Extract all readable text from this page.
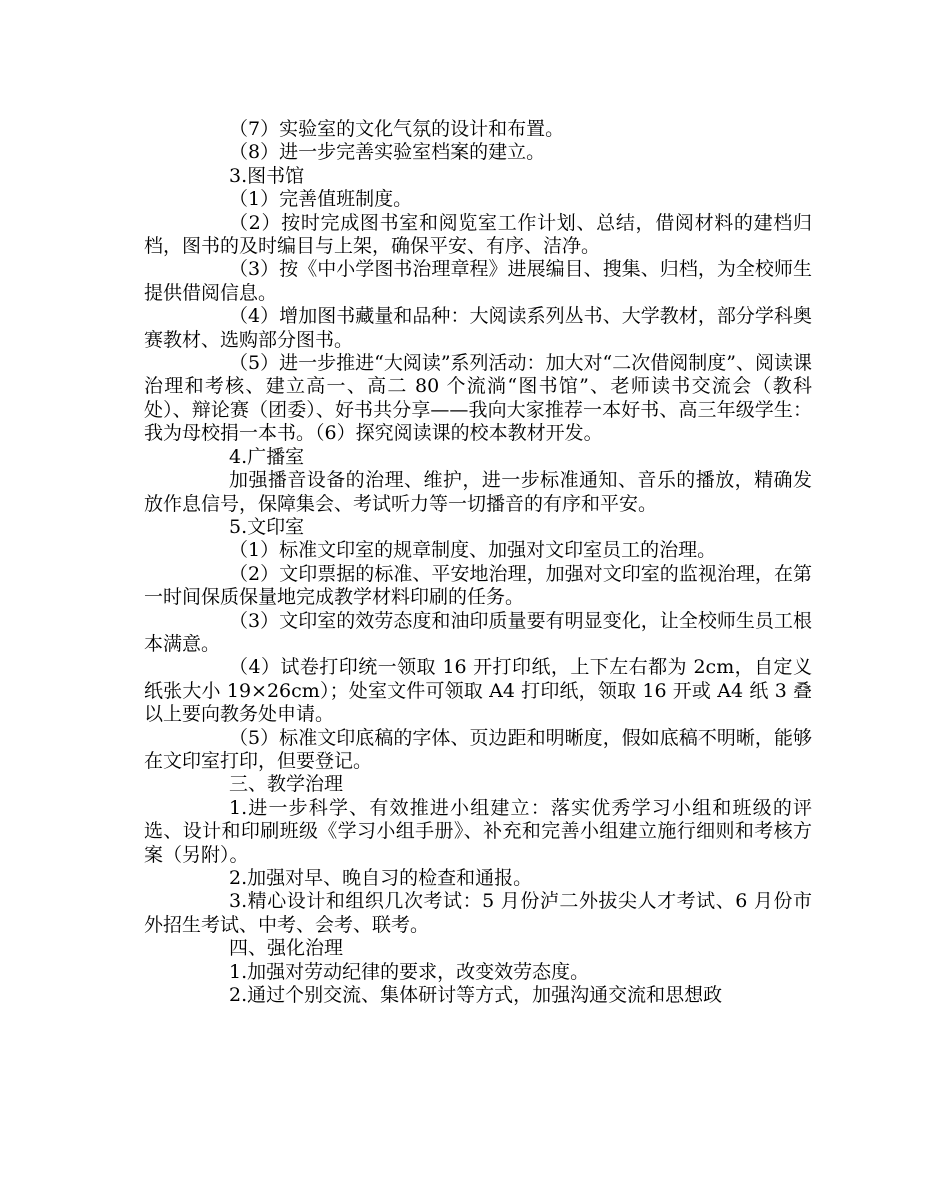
（7）实验室的文化气氛的设计和布置。

（8）进一步完善实验室档案的建立。

3.图书馆

（1）完善值班制度。

（2）按时完成图书室和阅览室工作计划、总结，借阅材料的建档归档，图书的及时编目与上架，确保平安、有序、洁净。

（3）按《中小学图书治理章程》进展编目、搜集、归档，为全校师生提供借阅信息。

（4）增加图书藏量和品种：大阅读系列丛书、大学教材，部分学科奥赛教材、选购部分图书。

（5）进一步推进“大阅读”系列活动：加大对“二次借阅制度”、阅读课治理和考核、建立高一、高二 80 个流淌“图书馆”、老师读书交流会（教科处）、辩论赛（团委）、好书共分享——我向大家推荐一本好书、高三年级学生：我为母校捐一本书。（6）探究阅读课的校本教材开发。

4.广播室

加强播音设备的治理、维护，进一步标准通知、音乐的播放，精确发放作息信号，保障集会、考试听力等一切播音的有序和平安。

5.文印室

（1）标准文印室的规章制度、加强对文印室员工的治理。

（2）文印票据的标准、平安地治理，加强对文印室的监视治理，在第一时间保质保量地完成教学材料印刷的任务。

（3）文印室的效劳态度和油印质量要有明显变化，让全校师生员工根本满意。

（4）试卷打印统一领取 16 开打印纸，上下左右都为 2cm，自定义纸张大小 19×26cm）；处室文件可领取 A4 打印纸，领取 16 开或 A4 纸 3 叠以上要向教务处申请。

（5）标准文印底稿的字体、页边距和明晰度，假如底稿不明晰，能够在文印室打印，但要登记。

三、教学治理

1.进一步科学、有效推进小组建立：落实优秀学习小组和班级的评选、设计和印刷班级《学习小组手册》、补充和完善小组建立施行细则和考核方案（另附）。

2.加强对早、晚自习的检查和通报。

3.精心设计和组织几次考试：5 月份泸二外拔尖人才考试、6 月份市外招生考试、中考、会考、联考。

四、强化治理

1.加强对劳动纪律的要求，改变效劳态度。

2.通过个别交流、集体研讨等方式，加强沟通交流和思想政
